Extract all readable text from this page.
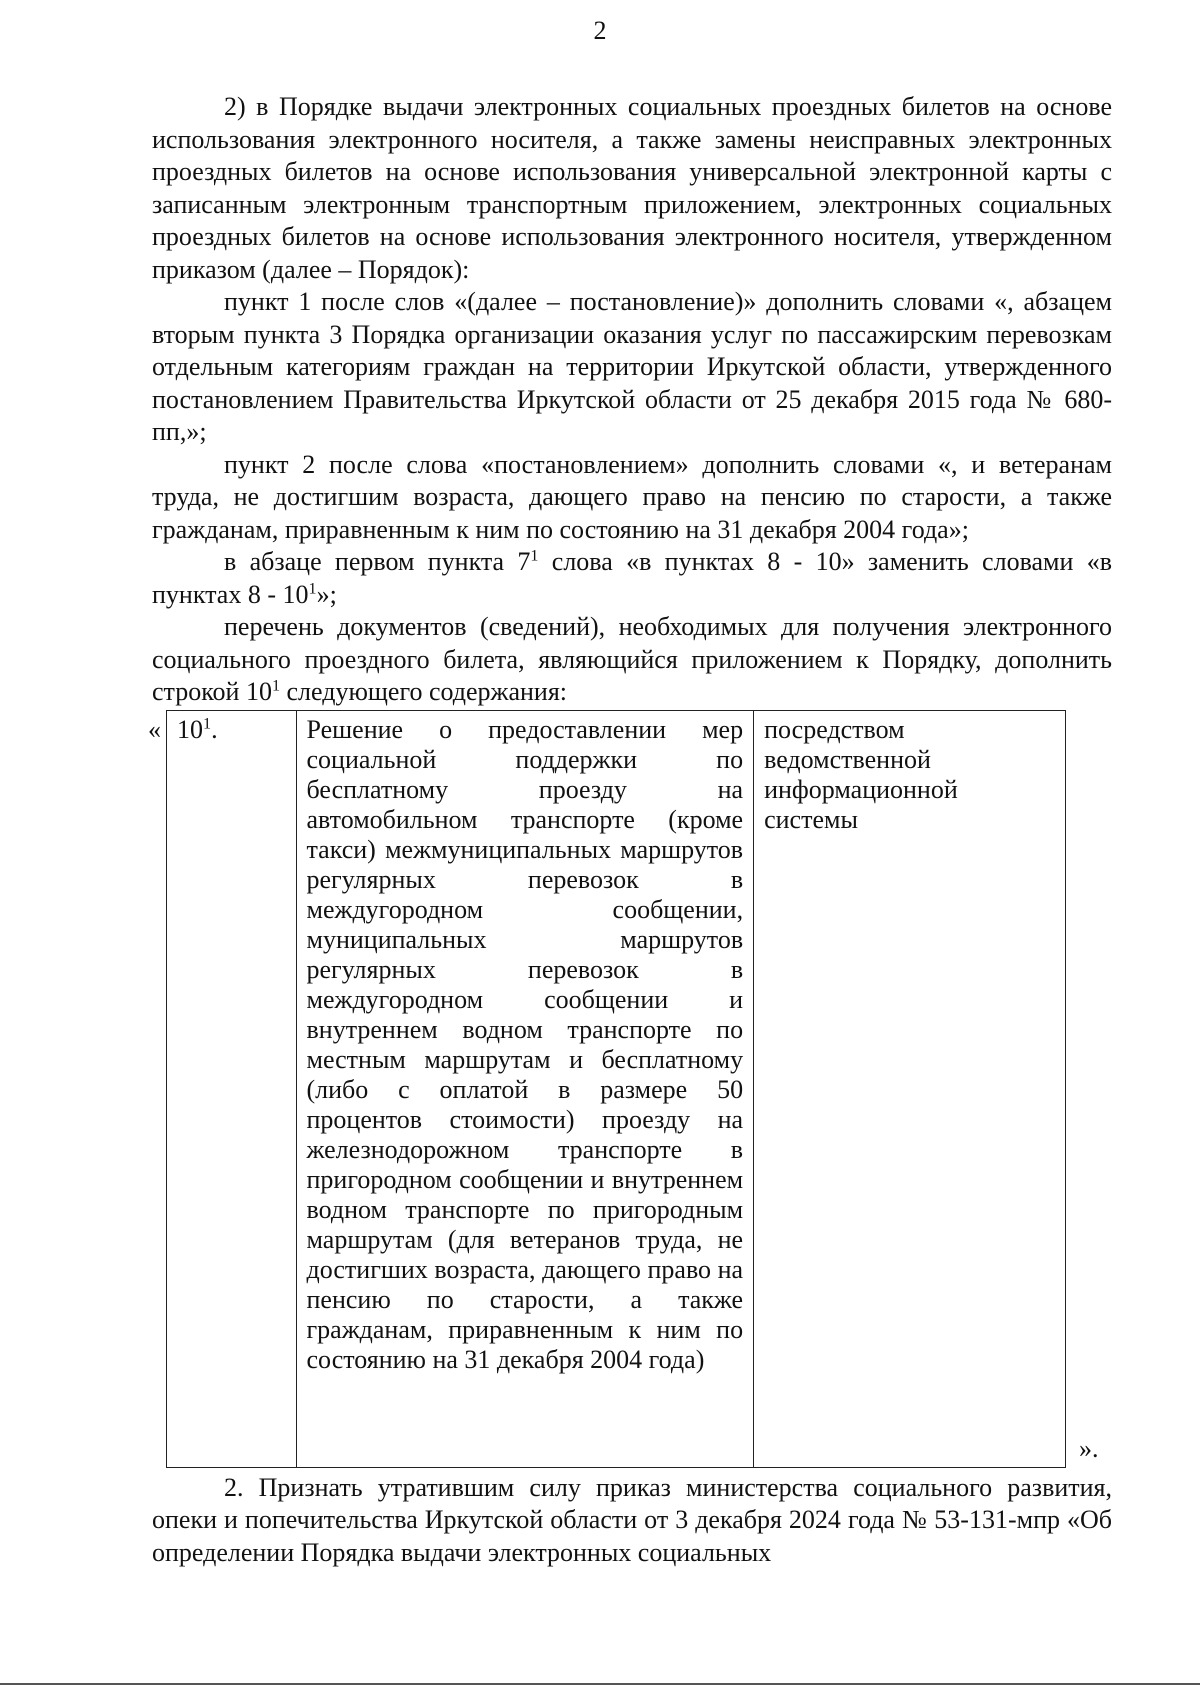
2

2) в Порядке выдачи электронных социальных проездных билетов на основе использования электронного носителя, а также замены неисправных электронных проездных билетов на основе использования универсальной электронной карты с записанным электронным транспортным приложением, электронных социальных проездных билетов на основе использования электронного носителя, утвержденном приказом (далее – Порядок):

пункт 1 после слов «(далее – постановление)» дополнить словами «, абзацем вторым пункта 3 Порядка организации оказания услуг по пассажирским перевозкам отдельным категориям граждан на территории Иркутской области, утвержденного постановлением Правительства Иркутской области от 25 декабря 2015 года № 680-пп,»;

пункт 2 после слова «постановлением» дополнить словами «, и ветеранам труда, не достигшим возраста, дающего право на пенсию по старости, а также гражданам, приравненным к ним по состоянию на 31 декабря 2004 года»;

в абзаце первом пункта $7^1$ слова «в пунктах 8 - 10» заменить словами «в пунктах $8 - 10^1$»;

перечень документов (сведений), необходимых для получения электронного социального проездного билета, являющийся приложением к Порядку, дополнить строкой $10^1$ следующего содержания:

« $10^1$.	Решение о предоставлении мер социальной поддержки по бесплатному проезду на автомобильном транспорте (кроме такси) межмуниципальных маршрутов регулярных перевозок в междугородном сообщении, муниципальных маршрутов регулярных перевозок в междугородном сообщении и внутреннем водном транспорте по местным маршрутам и бесплатному (либо с оплатой в размере 50 процентов стоимости) проезду на железнодорожном транспорте в пригородном сообщении и внутреннем водном транспорте по пригородным маршрутам (для ветеранов труда, не достигших возраста, дающего право на пенсию по старости, а также гражданам, приравненным к ним по состоянию на 31 декабря 2004 года)	посредством ведомственной информационной системы
».

2. Признать утратившим силу приказ министерства социального развития, опеки и попечительства Иркутской области от 3 декабря 2024 года № 53-131-мпр «Об определении Порядка выдачи электронных социальных
